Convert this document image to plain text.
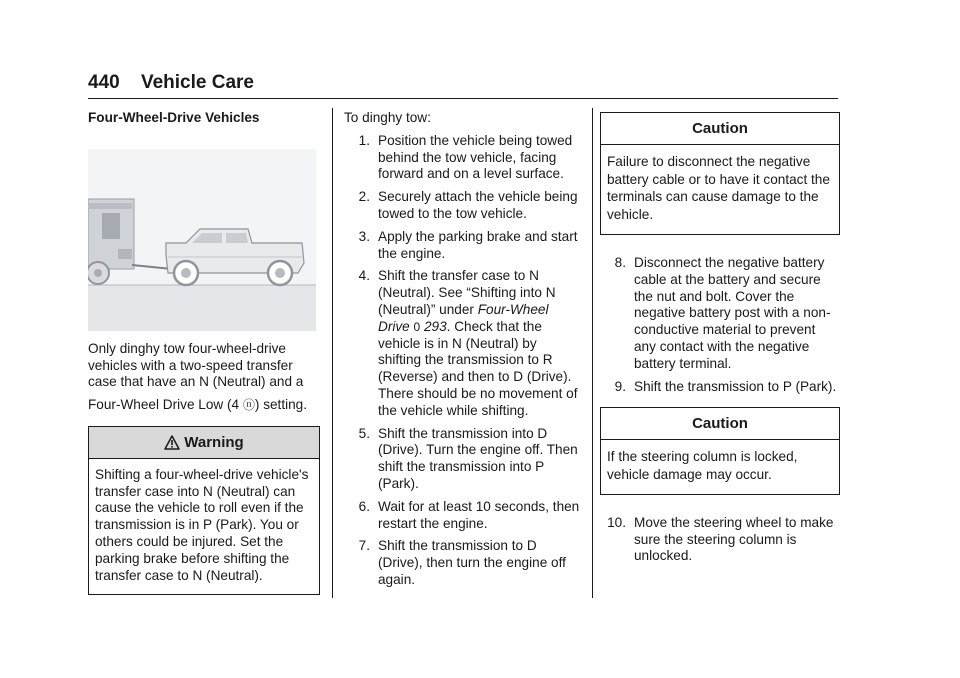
440 Vehicle Care

Four-Wheel-Drive Vehicles

Only dinghy tow four-wheel-drive vehicles with a two-speed transfer case that have an N (Neutral) and a
Four-Wheel Drive Low (4 ⓝ) setting.
Warning
Shifting a four-wheel-drive vehicle's transfer case into N (Neutral) can cause the vehicle to roll even if the transmission is in P (Park). You or others could be injured. Set the parking brake before shifting the transfer case to N (Neutral).
To dinghy tow:
1. Position the vehicle being towed behind the tow vehicle, facing forward and on a level surface.
2. Securely attach the vehicle being towed to the tow vehicle.
3. Apply the parking brake and start the engine.
4. Shift the transfer case to N (Neutral). See “Shifting into N (Neutral)” under Four-Wheel Drive 0 293. Check that the vehicle is in N (Neutral) by shifting the transmission to R (Reverse) and then to D (Drive). There should be no movement of the vehicle while shifting.
5. Shift the transmission into D (Drive). Turn the engine off. Then shift the transmission into P (Park).
6. Wait for at least 10 seconds, then restart the engine.
7. Shift the transmission to D (Drive), then turn the engine off again.
Caution
Failure to disconnect the negative battery cable or to have it contact the terminals can cause damage to the vehicle.
8. Disconnect the negative battery cable at the battery and secure the nut and bolt. Cover the negative battery post with a non-conductive material to prevent any contact with the negative battery terminal.
9. Shift the transmission to P (Park).
Caution
If the steering column is locked, vehicle damage may occur.
10. Move the steering wheel to make sure the steering column is unlocked.
